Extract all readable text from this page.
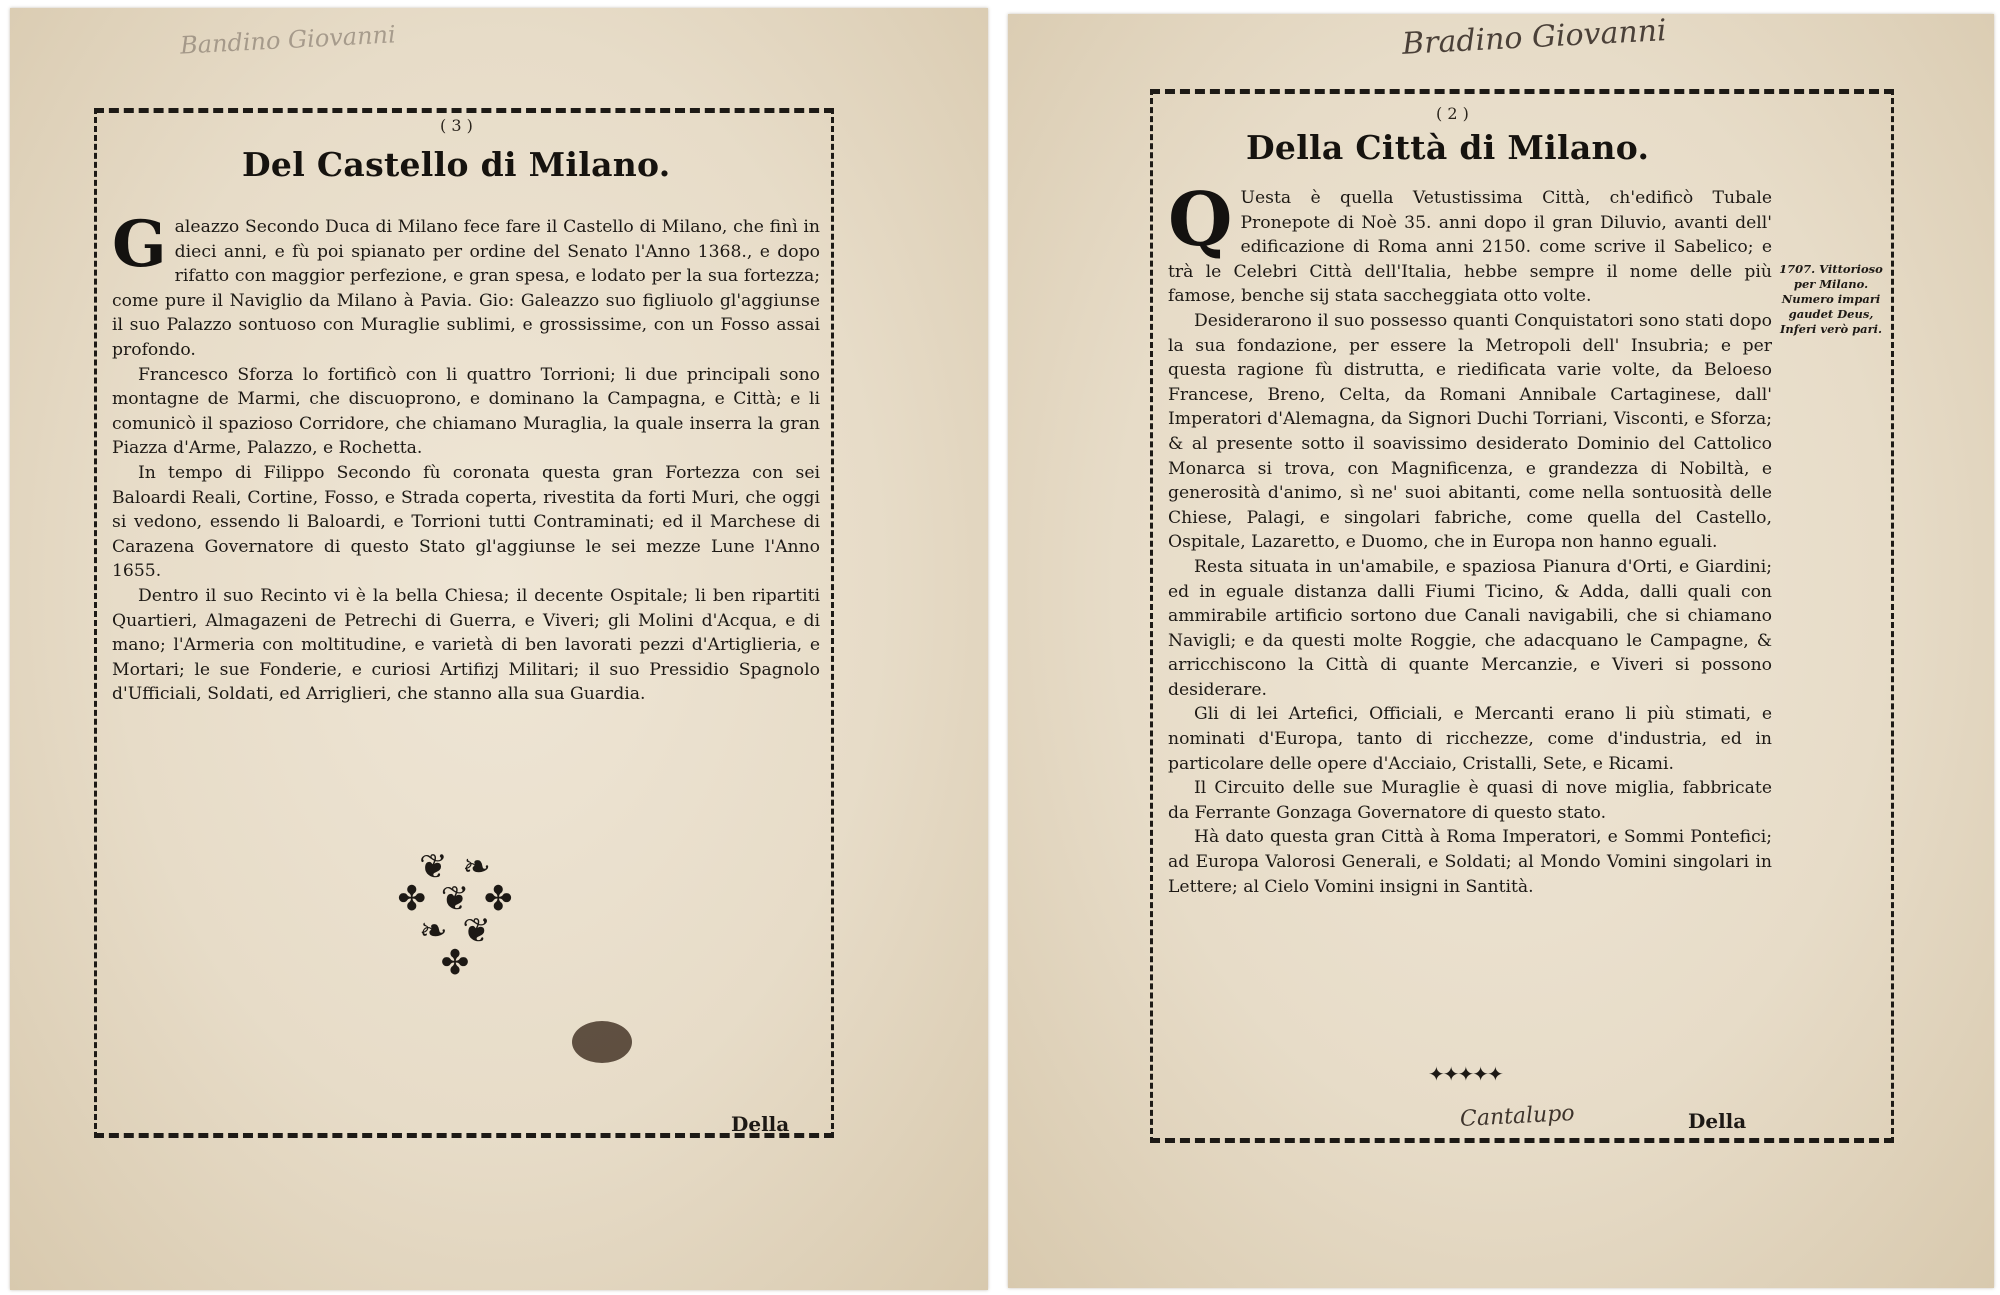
Bandino Giovanni
( 3 )
Del Castello di Milano.

Galeazzo Secondo Duca di Milano fece fare il Castello di Milano, che finì in dieci anni, e fù poi spianato per ordine del Senato l'Anno 1368., e dopo rifatto con maggior perfezione, e gran spesa, e lodato per la sua fortezza; come pure il Naviglio da Milano à Pavia. Gio: Galeazzo suo figliuolo gl'aggiunse il suo Palazzo sontuoso con Muraglie sublimi, e grossissime, con un Fosso assai profondo.

Francesco Sforza lo fortificò con li quattro Torrioni; li due principali sono montagne de Marmi, che discuoprono, e dominano la Campagna, e Città; e li comunicò il spazioso Corridore, che chiamano Muraglia, la quale inserra la gran Piazza d'Arme, Palazzo, e Rochetta.

In tempo di Filippo Secondo fù coronata questa gran Fortezza con sei Baloardi Reali, Cortine, Fosso, e Strada coperta, rivestita da forti Muri, che oggi si vedono, essendo li Baloardi, e Torrioni tutti Contraminati; ed il Marchese di Carazena Governatore di questo Stato gl'aggiunse le sei mezze Lune l'Anno 1655.

Dentro il suo Recinto vi è la bella Chiesa; il decente Ospitale; li ben ripartiti Quartieri, Almagazeni de Petrechi di Guerra, e Viveri; gli Molini d'Acqua, e di mano; l'Armeria con moltitudine, e varietà di ben lavorati pezzi d'Artiglieria, e Mortari; le sue Fonderie, e curiosi Artifizj Militari; il suo Pressidio Spagnolo d'Ufficiali, Soldati, ed Arriglieri, che stanno alla sua Guardia.

❦ ❧
✤ ❦ ✤
❧ ❦
✤
Della
Bradino Giovanni
( 2 )
Della Città di Milano.

Q Uesta è quella Vetustissima Città, ch'edificò Tubale Pronepote di Noè 35. anni dopo il gran Diluvio, avanti dell' edificazione di Roma anni 2150. come scrive il Sabelico; e trà le Celebri Città dell'Italia, hebbe sempre il nome delle più famose, benche sij stata saccheggiata otto volte.

Desiderarono il suo possesso quanti Conquistatori sono stati dopo la sua fondazione, per essere la Metropoli dell' Insubria; e per questa ragione fù distrutta, e riedificata varie volte, da Beloeso Francese, Breno, Celta, da Romani Annibale Cartaginese, dall' Imperatori d'Alemagna, da Signori Duchi Torriani, Visconti, e Sforza; & al presente sotto il soavissimo desiderato Dominio del Cattolico Monarca si trova, con Magnificenza, e grandezza di Nobiltà, e generosità d'animo, sì ne' suoi abitanti, come nella sontuosità delle Chiese, Palagi, e singolari fabriche, come quella del Castello, Ospitale, Lazaretto, e Duomo, che in Europa non hanno eguali.

Resta situata in un'amabile, e spaziosa Pianura d'Orti, e Giardini; ed in eguale distanza dalli Fiumi Ticino, & Adda, dalli quali con ammirabile artificio sortono due Canali navigabili, che si chiamano Navigli; e da questi molte Roggie, che adacquano le Campagne, & arricchiscono la Città di quante Mercanzie, e Viveri si possono desiderare.

Gli di lei Artefici, Officiali, e Mercanti erano li più stimati, e nominati d'Europa, tanto di ricchezze, come d'industria, ed in particolare delle opere d'Acciaio, Cristalli, Sete, e Ricami.

Il Circuito delle sue Muraglie è quasi di nove miglia, fabbricate da Ferrante Gonzaga Governatore di questo stato.

Hà dato questa gran Città à Roma Imperatori, e Sommi Pontefici; ad Europa Valorosi Generali, e Soldati; al Mondo Vomini singolari in Lettere; al Cielo Vomini insigni in Santità.

1707. Vittorioso
per Milano.
Numero impari
gaudet Deus,
Inferi verò pari.
✦✦✦✦✦
Cantalupo	Della
